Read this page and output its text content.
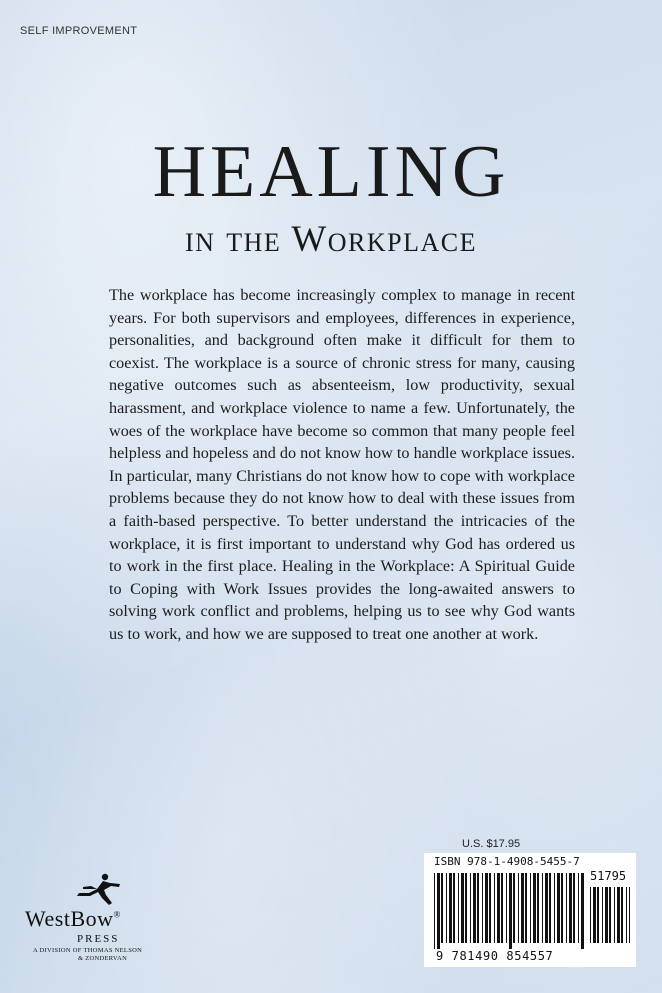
SELF IMPROVEMENT
HEALING
in the Workplace
The workplace has become increasingly complex to manage in recent years. For both supervisors and employees, differences in experience, personalities, and background often make it difficult for them to coexist. The workplace is a source of chronic stress for many, causing negative outcomes such as absenteeism, low productivity, sexual harassment, and workplace violence to name a few. Unfortunately, the woes of the workplace have become so common that many people feel helpless and hopeless and do not know how to handle workplace issues. In particular, many Christians do not know how to cope with workplace problems because they do not know how to deal with these issues from a faith-based perspective. To better understand the intricacies of the workplace, it is first important to understand why God has ordered us to work in the first place. Healing in the Workplace: A Spiritual Guide to Coping with Work Issues provides the long-awaited answers to solving work conflict and problems, helping us to see why God wants us to work, and how we are supposed to treat one another at work.
WestBow®
PRESS
A DIVISION OF THOMAS NELSON
& ZONDERVAN
U.S. $17.95
ISBN 978-1-4908-5455-7
51795
9 781490 854557
